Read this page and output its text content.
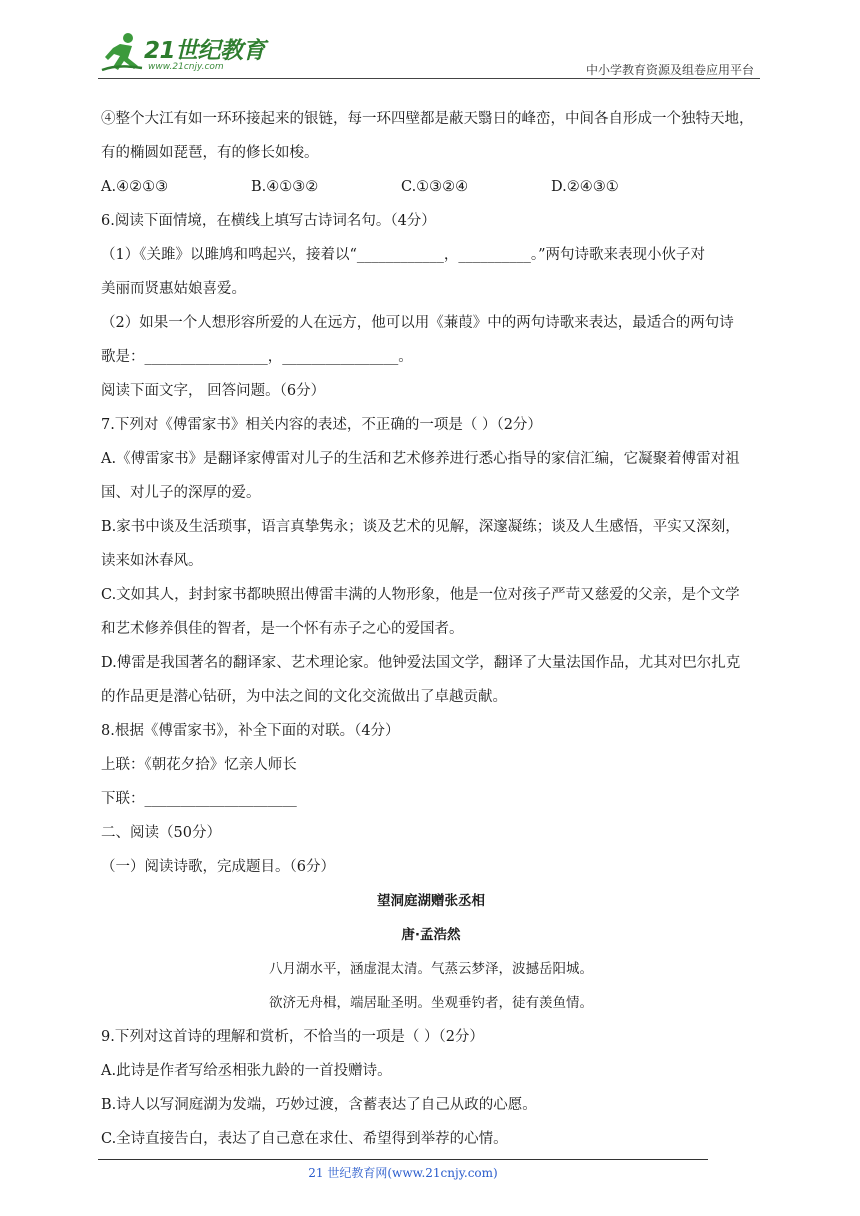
21世纪教育
www.21cnjy.com	中小学教育资源及组卷应用平台

④整个大江有如一环环接起来的银链，每一环四壁都是蔽天翳日的峰峦，中间各自形成一个独特天地，

有的椭圆如琵琶，有的修长如梭。

A.④②①③	B.④①③②	C.①③②④	D.②④③①

6.阅读下面情境，在横线上填写古诗词名句。（4分）

（1）《关雎》以雎鸠和鸣起兴，接着以“____________，__________。”两句诗歌来表现小伙子对

美丽而贤惠姑娘喜爱。

（2）如果一个人想形容所爱的人在远方，他可以用《蒹葭》中的两句诗歌来表达，最适合的两句诗

歌是：_________________，________________。

阅读下面文字， 回答问题。（6分）

7.下列对《傅雷家书》相关内容的表述，不正确的一项是（ ）（2分）

A.《傅雷家书》是翻译家傅雷对儿子的生活和艺术修养进行悉心指导的家信汇编，它凝聚着傅雷对祖

国、对儿子的深厚的爱。

B.家书中谈及生活琐事，语言真挚隽永；谈及艺术的见解，深邃凝练；谈及人生感悟，平实又深刻，

读来如沐春风。

C.文如其人，封封家书都映照出傅雷丰满的人物形象，他是一位对孩子严苛又慈爱的父亲，是个文学

和艺术修养俱佳的智者，是一个怀有赤子之心的爱国者。

D.傅雷是我国著名的翻译家、艺术理论家。他钟爱法国文学，翻译了大量法国作品，尤其对巴尔扎克

的作品更是潜心钻研，为中法之间的文化交流做出了卓越贡献。

8.根据《傅雷家书》，补全下面的对联。（4分）

上联：《朝花夕拾》忆亲人师长

下联：_____________________

二、阅读（50分）

（一）阅读诗歌，完成题目。（6分）

望洞庭湖赠张丞相

唐·孟浩然

八月湖水平，涵虚混太清。气蒸云梦泽，波撼岳阳城。

欲济无舟楫，端居耻圣明。坐观垂钓者，徒有羡鱼情。

9.下列对这首诗的理解和赏析，不恰当的一项是（ ）（2分）

A.此诗是作者写给丞相张九龄的一首投赠诗。

B.诗人以写洞庭湖为发端，巧妙过渡，含蓄表达了自己从政的心愿。

C.全诗直接告白，表达了自己意在求仕、希望得到举荐的心情。

21 世纪教育网(www.21cnjy.com)
